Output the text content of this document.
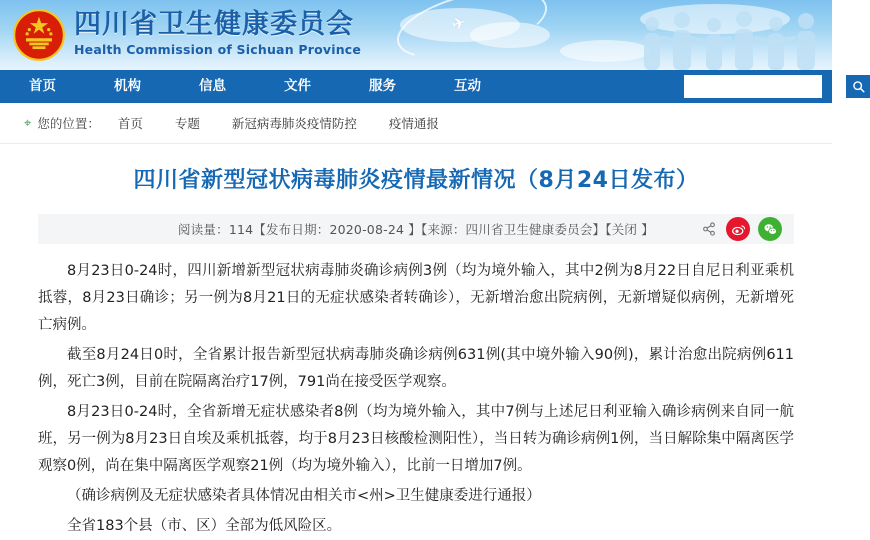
✈
四川省卫生健康委员会
Health Commission of Sichuan Province
首页	机构	信息	文件	服务	互动
⌖ 您的位置：	首页	专题	新冠病毒肺炎疫情防控	疫情通报
四川省新型冠状病毒肺炎疫情最新情况（8月24日发布）
阅读量：114【发布日期：2020-08-24 】【来源：四川省卫生健康委员会】【关闭 】

8月23日0-24时，四川新增新型冠状病毒肺炎确诊病例3例（均为境外输入，其中2例为8月22日自尼日利亚乘机抵蓉，8月23日确诊；另一例为8月21日的无症状感染者转确诊），无新增治愈出院病例，无新增疑似病例，无新增死亡病例。

截至8月24日0时，全省累计报告新型冠状病毒肺炎确诊病例631例(其中境外输入90例)，累计治愈出院病例611例，死亡3例，目前在院隔离治疗17例，791尚在接受医学观察。

8月23日0-24时，全省新增无症状感染者8例（均为境外输入，其中7例与上述尼日利亚输入确诊病例来自同一航班，另一例为8月23日自埃及乘机抵蓉，均于8月23日核酸检测阳性），当日转为确诊病例1例，当日解除集中隔离医学观察0例，尚在集中隔离医学观察21例（均为境外输入），比前一日增加7例。

（确诊病例及无症状感染者具体情况由相关市<州>卫生健康委进行通报）

全省183个县（市、区）全部为低风险区。
